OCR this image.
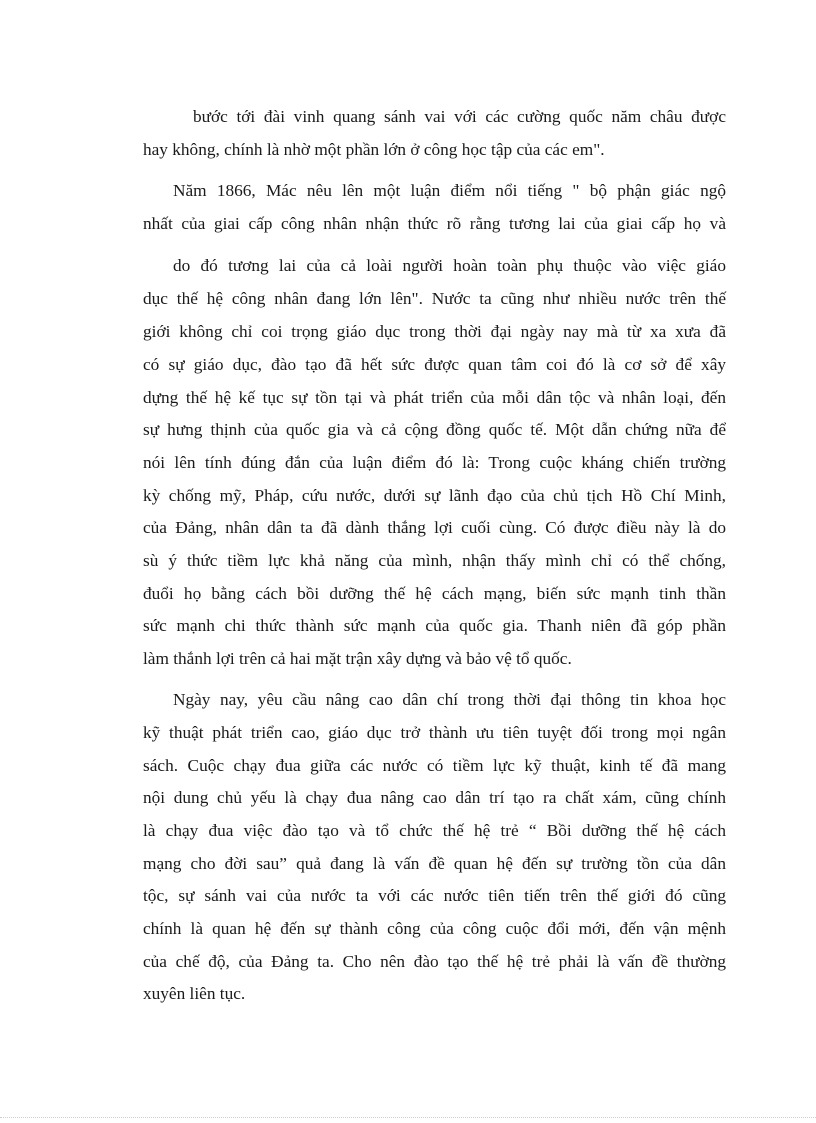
bước tới đài vinh quang sánh vai với các cường quốc năm châu được
hay không, chính là nhờ một phần lớn ở công học tập của các em".
Năm 1866, Mác nêu lên một luận điểm nổi tiếng " bộ phận giác ngộ
nhất của giai cấp công nhân nhận thức rõ rằng tương lai của giai cấp họ và
do đó tương lai của cả loài người hoàn toàn phụ thuộc vào việc giáo
dục thế hệ công nhân đang lớn lên". Nước ta cũng như nhiều nước trên thế
giới không chỉ coi trọng giáo dục trong thời đại ngày nay mà từ xa xưa đã
có sự giáo dục, đào tạo đã hết sức được quan tâm coi đó là cơ sở để xây
dựng thế hệ kế tục sự tồn tại và phát triển của mỗi dân tộc và nhân loại, đến
sự hưng thịnh của quốc gia và cả cộng đồng quốc tế. Một dẫn chứng nữa để
nói lên tính đúng đắn của luận điểm đó là: Trong cuộc kháng chiến trường
kỳ chống mỹ, Pháp, cứu nước, dưới sự lãnh đạo của chủ tịch Hồ Chí Minh,
của Đảng, nhân dân ta đã dành thắng lợi cuối cùng. Có được điều này là do
sù ý thức tiềm lực khả năng của mình, nhận thấy mình chỉ có thể chống,
đuổi họ bằng cách bồi dưỡng thế hệ cách mạng, biến sức mạnh tinh thần
sức mạnh chi thức thành sức mạnh của quốc gia. Thanh niên đã góp phần
làm thắnh lợi trên cả hai mặt trận xây dựng và bảo vệ tổ quốc.
Ngày nay, yêu cầu nâng cao dân chí trong thời đại thông tin khoa học
kỹ thuật phát triển cao, giáo dục trở thành ưu tiên tuyệt đối trong mọi ngân
sách. Cuộc chạy đua giữa các nước có tiềm lực kỹ thuật, kinh tế đã mang
nội dung chủ yếu là chạy đua nâng cao dân trí tạo ra chất xám, cũng chính
là chạy đua việc đào tạo và tổ chức thế hệ trẻ “ Bồi dưỡng thế hệ cách
mạng cho đời sau” quả đang là vấn đề quan hệ đến sự trường tồn của dân
tộc, sự sánh vai của nước ta với các nước tiên tiến trên thế giới đó cũng
chính là quan hệ đến sự thành công của công cuộc đổi mới, đến vận mệnh
của chế độ, của Đảng ta. Cho nên đào tạo thế hệ trẻ phải là vấn đề thường
xuyên liên tục.
